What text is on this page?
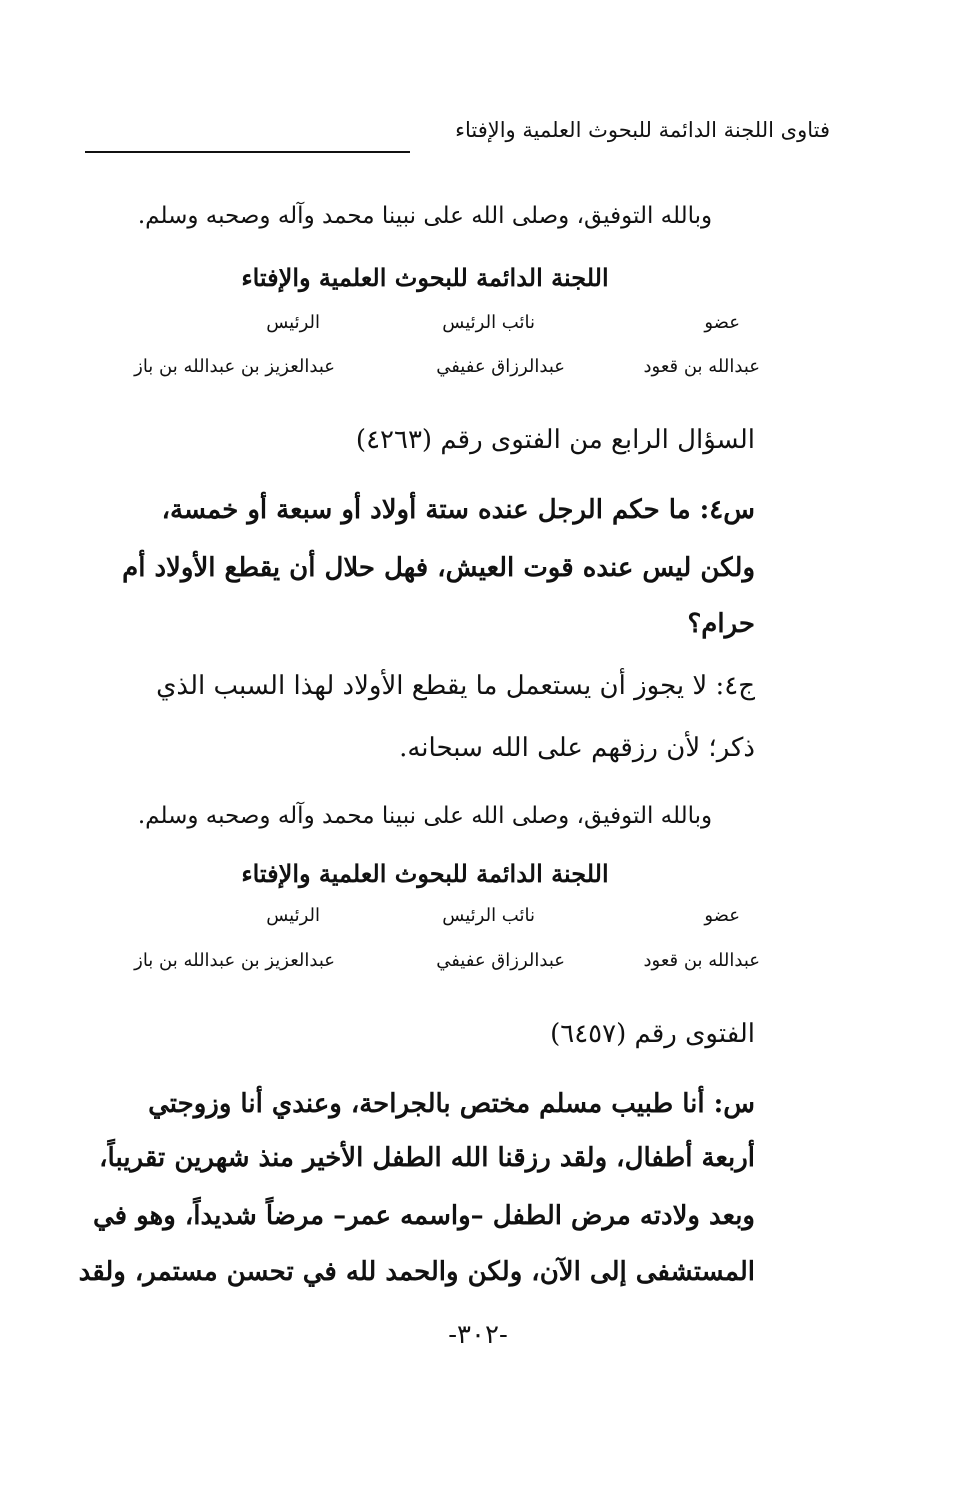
فتاوى اللجنة الدائمة للبحوث العلمية والإفتاء
وبالله التوفيق، وصلى الله على نبينا محمد وآله وصحبه وسلم.
اللجنة الدائمة للبحوث العلمية والإفتاء
عضو
نائب الرئيس
الرئيس
عبدالله بن قعود
عبدالرزاق عفيفي
عبدالعزيز بن عبدالله بن باز
السؤال الرابع من الفتوى رقم (٤٢٦٣)
س٤: ما حكم الرجل عنده ستة أولاد أو سبعة أو خمسة،
ولكن ليس عنده قوت العيش، فهل حلال أن يقطع الأولاد أم
حرام؟
ج٤: لا يجوز أن يستعمل ما يقطع الأولاد لهذا السبب الذي
ذكر؛ لأن رزقهم على الله سبحانه.
وبالله التوفيق، وصلى الله على نبينا محمد وآله وصحبه وسلم.
اللجنة الدائمة للبحوث العلمية والإفتاء
عضو
نائب الرئيس
الرئيس
عبدالله بن قعود
عبدالرزاق عفيفي
عبدالعزيز بن عبدالله بن باز
الفتوى رقم (٦٤٥٧)
س: أنا طبيب مسلم مختص بالجراحة، وعندي أنا وزوجتي
أربعة أطفال، ولقد رزقنا الله الطفل الأخير منذ شهرين تقريباً،
وبعد ولادته مرض الطفل –واسمه عمر– مرضاً شديداً، وهو في
المستشفى إلى الآن، ولكن والحمد لله في تحسن مستمر، ولقد
-٣٠٢-
